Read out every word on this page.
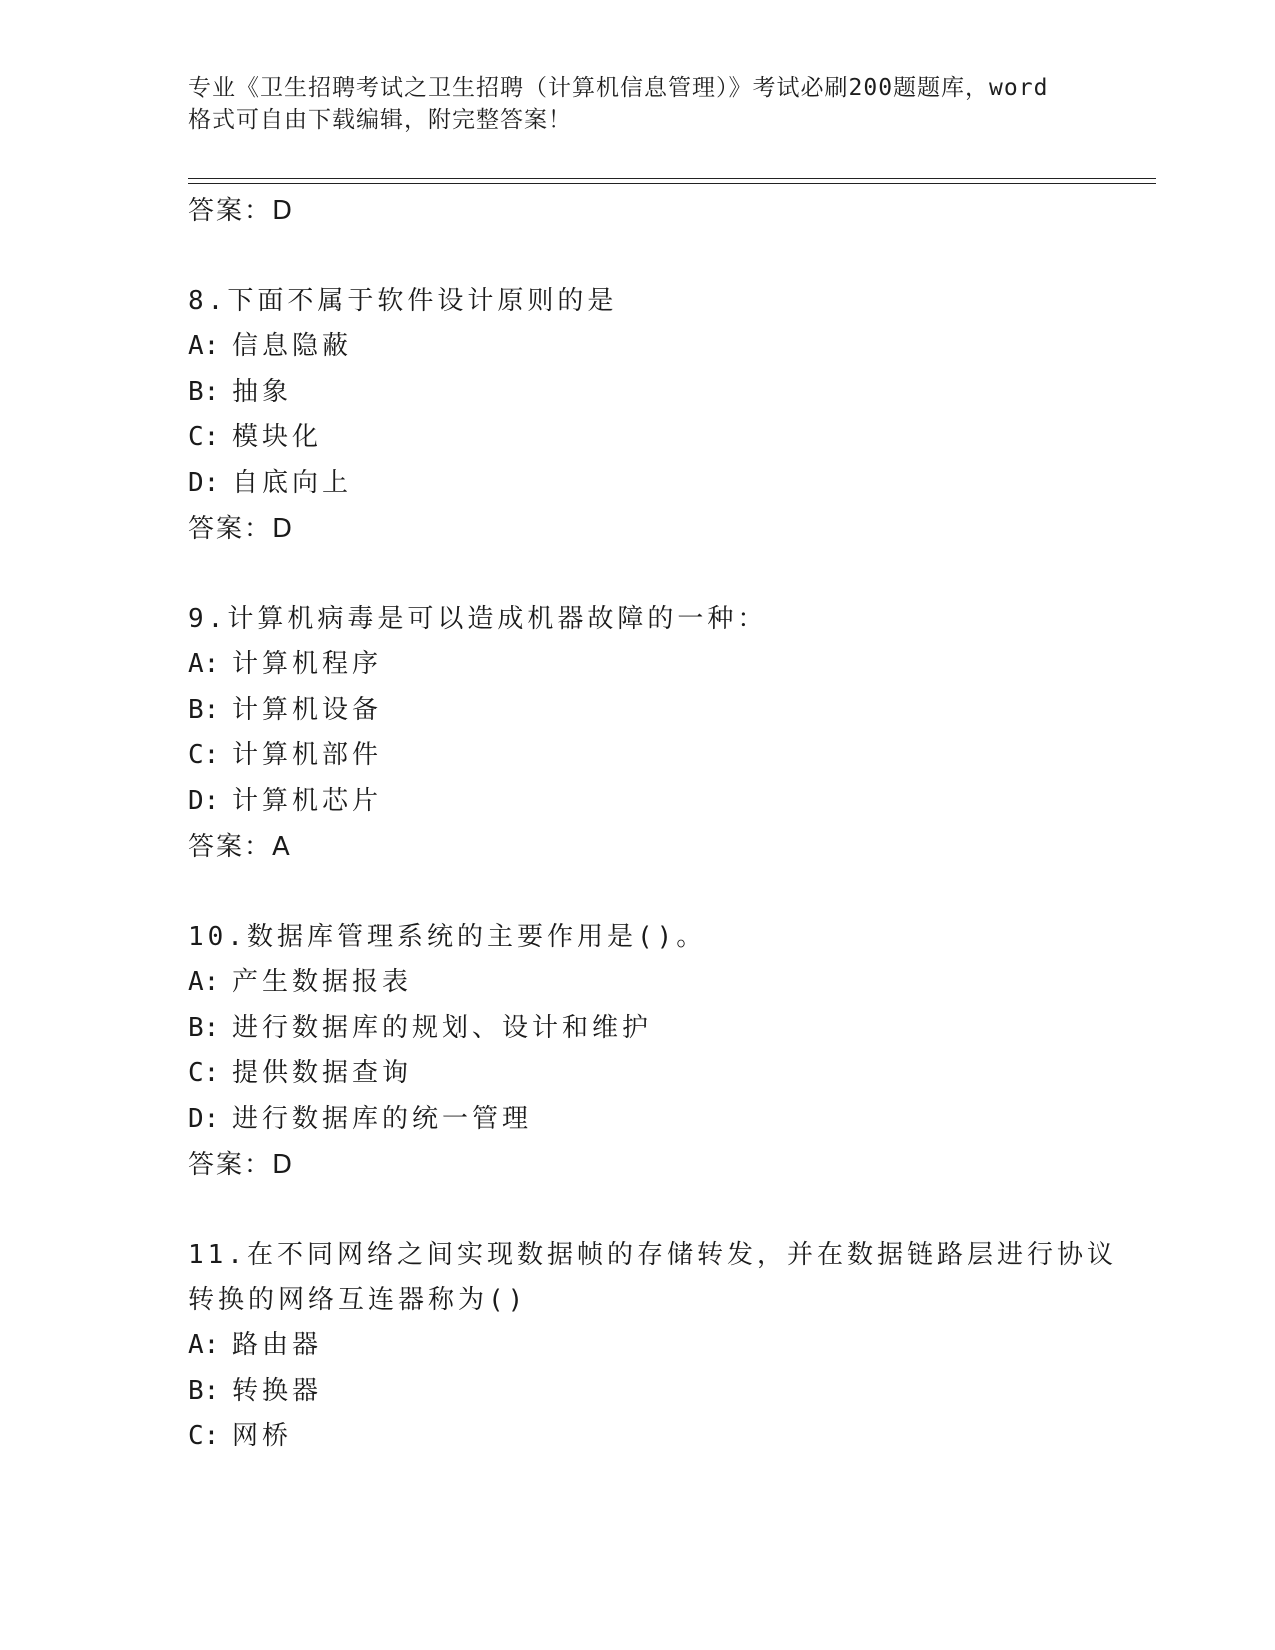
专业《卫生招聘考试之卫生招聘（计算机信息管理）》考试必刷200题题库，word
格式可自由下载编辑，附完整答案！
答案：D
8.下面不属于软件设计原则的是
A: 信息隐蔽
B: 抽象
C: 模块化
D: 自底向上
答案：D
9.计算机病毒是可以造成机器故障的一种：
A: 计算机程序
B: 计算机设备
C: 计算机部件
D: 计算机芯片
答案：A
10.数据库管理系统的主要作用是()。
A: 产生数据报表
B: 进行数据库的规划、设计和维护
C: 提供数据查询
D: 进行数据库的统一管理
答案：D
11.在不同网络之间实现数据帧的存储转发，并在数据链路层进行协议
转换的网络互连器称为()
A: 路由器
B: 转换器
C: 网桥
